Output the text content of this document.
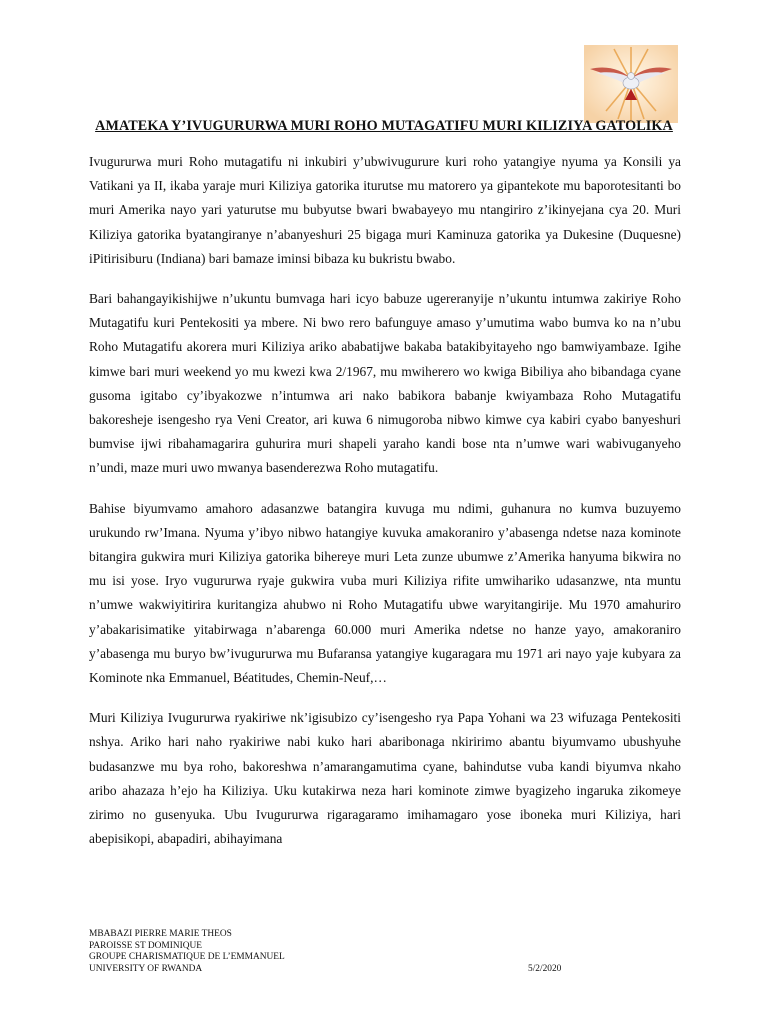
AMATEKA Y’IVUGURURWA MURI ROHO MUTAGATIFU MURI KILIZIYA GATOLIKA

Ivugururwa muri Roho mutagatifu ni inkubiri y’ubwivugurure kuri roho yatangiye nyuma ya Konsili ya Vatikani ya II, ikaba yaraje muri Kiliziya gatorika iturutse mu matorero ya gipantekote mu baporotesitanti bo muri Amerika nayo yari yaturutse mu bubyutse bwari bwabayeyo mu ntangiriro z’ikinyejana cya 20. Muri Kiliziya gatorika byatangiranye n’abanyeshuri 25 bigaga muri Kaminuza gatorika ya Dukesine (Duquesne) iPitirisiburu (Indiana) bari bamaze iminsi bibaza ku bukristu bwabo.

Bari bahangayikishijwe n’ukuntu bumvaga hari icyo babuze ugereranyije n’ukuntu intumwa zakiriye Roho Mutagatifu kuri Pentekositi ya mbere. Ni bwo rero bafunguye amaso y’umutima wabo bumva ko na n’ubu Roho Mutagatifu akorera muri Kiliziya ariko ababatijwe bakaba batakibyitayeho ngo bamwiyambaze. Igihe kimwe bari muri weekend yo mu kwezi kwa 2/1967, mu mwiherero wo kwiga Bibiliya aho bibandaga cyane gusoma igitabo cy’ibyakozwe n’intumwa ari nako babikora babanje kwiyambaza Roho Mutagatifu bakoresheje isengesho rya Veni Creator, ari kuwa 6 nimugoroba nibwo kimwe cya kabiri cyabo banyeshuri bumvise ijwi ribahamagarira guhurira muri shapeli yaraho kandi bose nta n’umwe wari wabivuganyeho n’undi, maze muri uwo mwanya basenderezwa Roho mutagatifu.

Bahise biyumvamo amahoro adasanzwe batangira kuvuga mu ndimi, guhanura no kumva buzuyemo urukundo rw’Imana. Nyuma y’ibyo nibwo hatangiye kuvuka amakoraniro y’abasenga ndetse naza kominote bitangira gukwira muri Kiliziya gatorika bihereye muri Leta zunze ubumwe z’Amerika hanyuma bikwira no mu isi yose. Iryo vugururwa ryaje gukwira vuba muri Kiliziya rifite umwihariko udasanzwe, nta muntu n’umwe wakwiyitirira kuritangiza ahubwo ni Roho Mutagatifu ubwe waryitangirije. Mu 1970 amahuriro y’abakarisimatike yitabirwaga n’abarenga 60.000 muri Amerika ndetse no hanze yayo, amakoraniro y’abasenga mu buryo bw’ivugururwa mu Bufaransa yatangiye kugaragara mu 1971 ari nayo yaje kubyara za Kominote nka Emmanuel, Béatitudes, Chemin-Neuf,…

Muri Kiliziya Ivugururwa ryakiriwe nk’igisubizo cy’isengesho rya Papa Yohani wa 23 wifuzaga Pentekositi nshya. Ariko hari naho ryakiriwe nabi kuko hari abaribonaga nkiririmo abantu biyumvamo ubushyuhe budasanzwe mu bya roho, bakoreshwa n’amarangamutima cyane, bahindutse vuba kandi biyumva nkaho aribo ahazaza h’ejo ha Kiliziya. Uku kutakirwa neza hari kominote zimwe byagizeho ingaruka zikomeye zirimo no gusenyuka. Ubu Ivugururwa rigaragaramo imihamagaro yose iboneka muri Kiliziya, hari abepisikopi, abapadiri, abihayimana

MBABAZI PIERRE MARIE THEOS
PAROISSE ST DOMINIQUE
GROUPE CHARISMATIQUE DE L’EMMANUEL
UNIVERSITY OF RWANDA	5/2/2020
